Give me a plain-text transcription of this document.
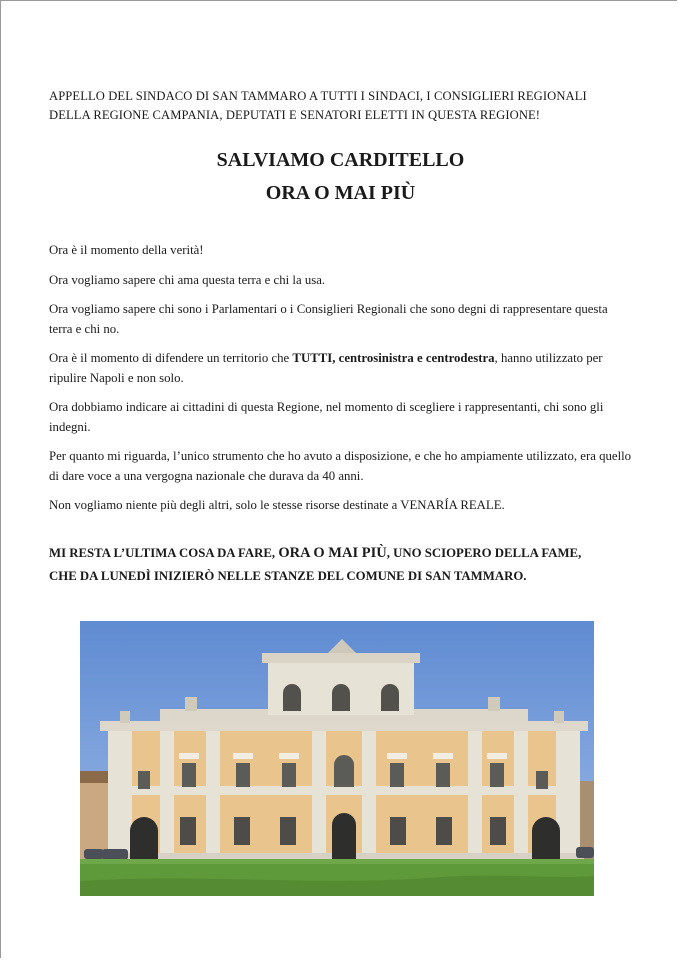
APPELLO DEL SINDACO DI SAN TAMMARO A TUTTI I SINDACI, I CONSIGLIERI REGIONALI
DELLA REGIONE CAMPANIA, DEPUTATI E SENATORI ELETTI IN QUESTA REGIONE!
SALVIAMO CARDITELLO
ORA O MAI PIÙ

Ora è il momento della verità!

Ora vogliamo sapere chi ama questa terra e chi la usa.

Ora vogliamo sapere chi sono i Parlamentari o i Consiglieri Regionali che sono degni di rappresentare questa terra e chi no.

Ora è il momento di difendere un territorio che TUTTI, centrosinistra e centrodestra, hanno utilizzato per ripulire Napoli e non solo.

Ora dobbiamo indicare ai cittadini di questa Regione, nel momento di scegliere i rappresentanti, chi sono gli indegni.

Per quanto mi riguarda, l’unico strumento che ho avuto a disposizione, e che ho ampiamente utilizzato, era quello di dare voce a una vergogna nazionale che durava da 40 anni.

Non vogliamo niente più degli altri, solo le stesse risorse destinate a VENARÍA REALE.

MI RESTA L’ULTIMA COSA DA FARE, ORA O MAI PIÙ, UNO SCIOPERO DELLA FAME,
CHE DA LUNEDÌ INIZIERÒ NELLE STANZE DEL COMUNE DI SAN TAMMARO.
